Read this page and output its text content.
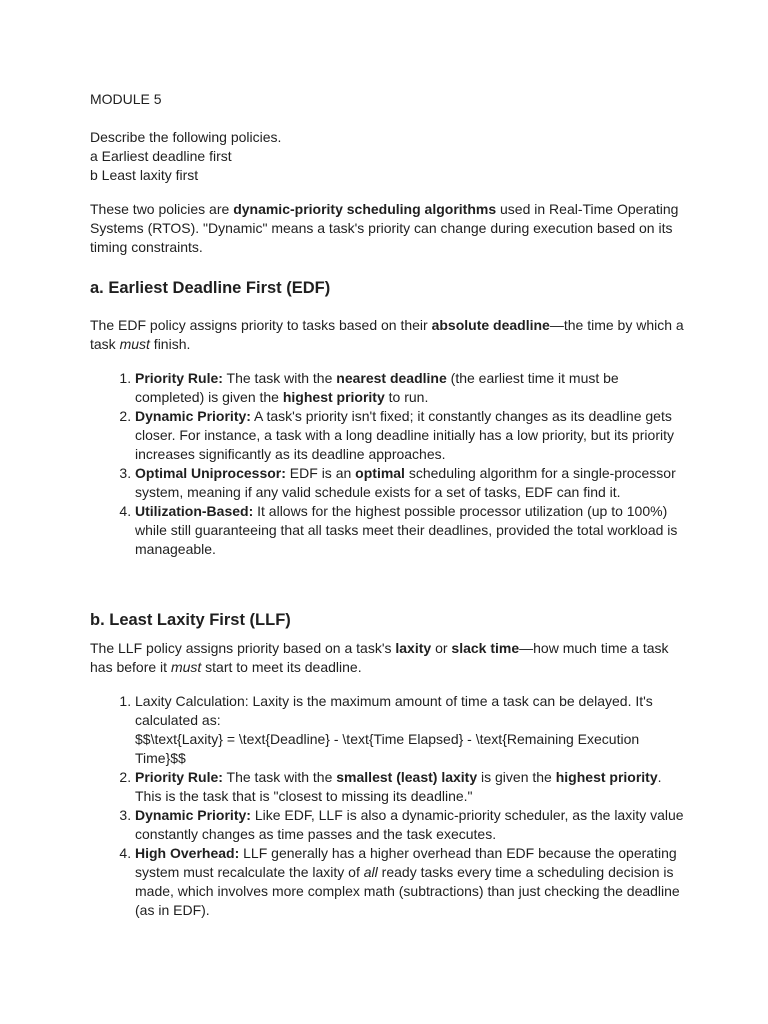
MODULE 5
Describe the following policies.
a Earliest deadline first
b Least laxity first

These two policies are dynamic-priority scheduling algorithms used in Real-Time Operating Systems (RTOS). "Dynamic" means a task's priority can change during execution based on its timing constraints.

a. Earliest Deadline First (EDF)

The EDF policy assigns priority to tasks based on their absolute deadline—the time by which a task must finish.

1. Priority Rule: The task with the nearest deadline (the earliest time it must be completed) is given the highest priority to run.
2. Dynamic Priority: A task's priority isn't fixed; it constantly changes as its deadline gets closer. For instance, a task with a long deadline initially has a low priority, but its priority increases significantly as its deadline approaches.
3. Optimal Uniprocessor: EDF is an optimal scheduling algorithm for a single-processor system, meaning if any valid schedule exists for a set of tasks, EDF can find it.
4. Utilization-Based: It allows for the highest possible processor utilization (up to 100%) while still guaranteeing that all tasks meet their deadlines, provided the total workload is manageable.
b. Least Laxity First (LLF)

The LLF policy assigns priority based on a task's laxity or slack time—how much time a task has before it must start to meet its deadline.

1. Laxity Calculation: Laxity is the maximum amount of time a task can be delayed. It's calculated as:
$$\text{Laxity} = \text{Deadline} - \text{Time Elapsed} - \text{Remaining Execution Time}$$
2. Priority Rule: The task with the smallest (least) laxity is given the highest priority. This is the task that is "closest to missing its deadline."
3. Dynamic Priority: Like EDF, LLF is also a dynamic-priority scheduler, as the laxity value constantly changes as time passes and the task executes.
4. High Overhead: LLF generally has a higher overhead than EDF because the operating system must recalculate the laxity of all ready tasks every time a scheduling decision is made, which involves more complex math (subtractions) than just checking the deadline (as in EDF).
